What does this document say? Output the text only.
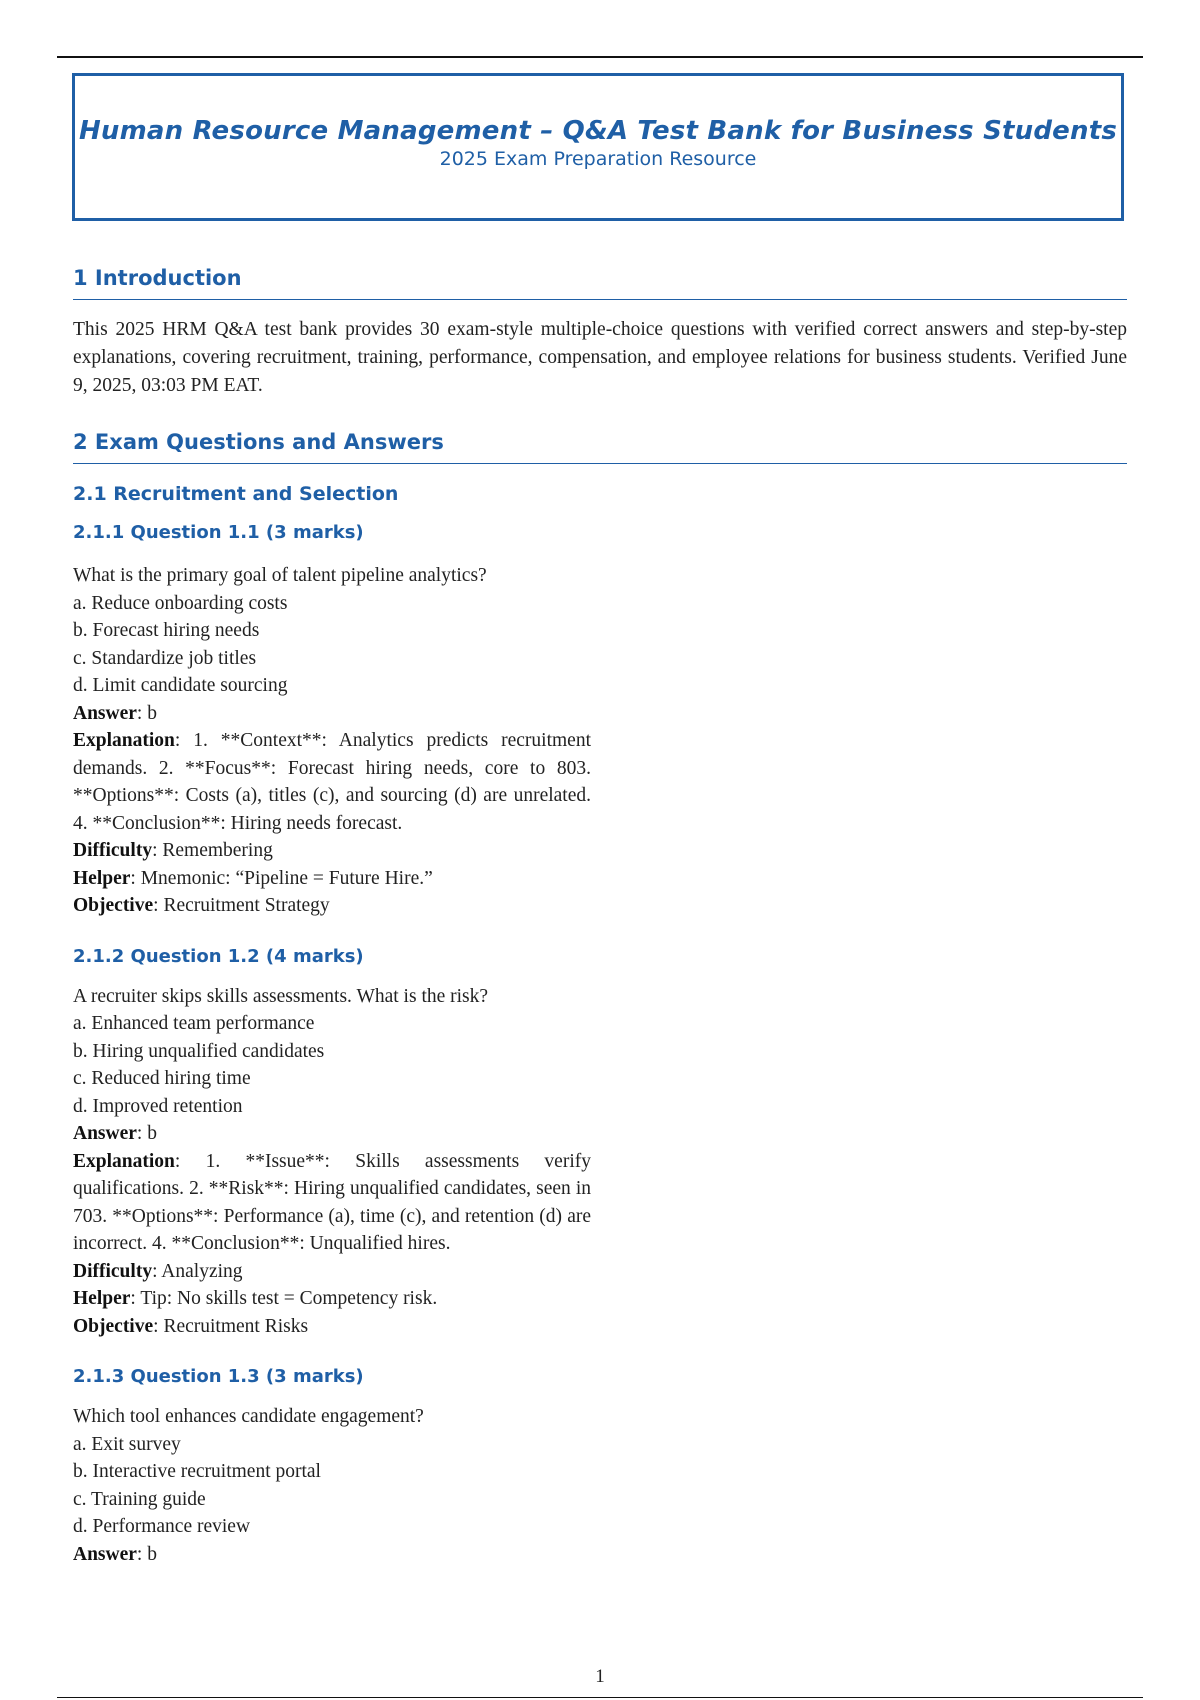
Human Resource Management – Q&A Test Bank for Business Students
2025 Exam Preparation Resource
1 Introduction

This 2025 HRM Q&A test bank provides 30 exam-style multiple-choice questions with verified correct answers and step-by-step explanations, covering recruitment, training, performance, compensation, and employee relations for business students. Verified June 9, 2025, 03:03 PM EAT.

2 Exam Questions and Answers
2.1 Recruitment and Selection
2.1.1 Question 1.1 (3 marks)

What is the primary goal of talent pipeline analytics?

a. Reduce onboarding costs

b. Forecast hiring needs

c. Standardize job titles

d. Limit candidate sourcing

Answer: b

Explanation: 1. **Context**: Analytics predicts recruitment demands. 2. **Focus**: Forecast hiring needs, core to 803. **Options**: Costs (a), titles (c), and sourcing (d) are unrelated. 4. **Conclusion**: Hiring needs forecast.

Difficulty: Remembering

Helper: Mnemonic: “Pipeline = Future Hire.”

Objective: Recruitment Strategy

2.1.2 Question 1.2 (4 marks)

A recruiter skips skills assessments. What is the risk?

a. Enhanced team performance

b. Hiring unqualified candidates

c. Reduced hiring time

d. Improved retention

Answer: b

Explanation: 1. **Issue**: Skills assessments verify qualifications. 2. **Risk**: Hiring unqualified candidates, seen in 703. **Options**: Performance (a), time (c), and retention (d) are incorrect. 4. **Conclusion**: Unqualified hires.

Difficulty: Analyzing

Helper: Tip: No skills test = Competency risk.

Objective: Recruitment Risks

2.1.3 Question 1.3 (3 marks)

Which tool enhances candidate engagement?

a. Exit survey

b. Interactive recruitment portal

c. Training guide

d. Performance review

Answer: b

1
